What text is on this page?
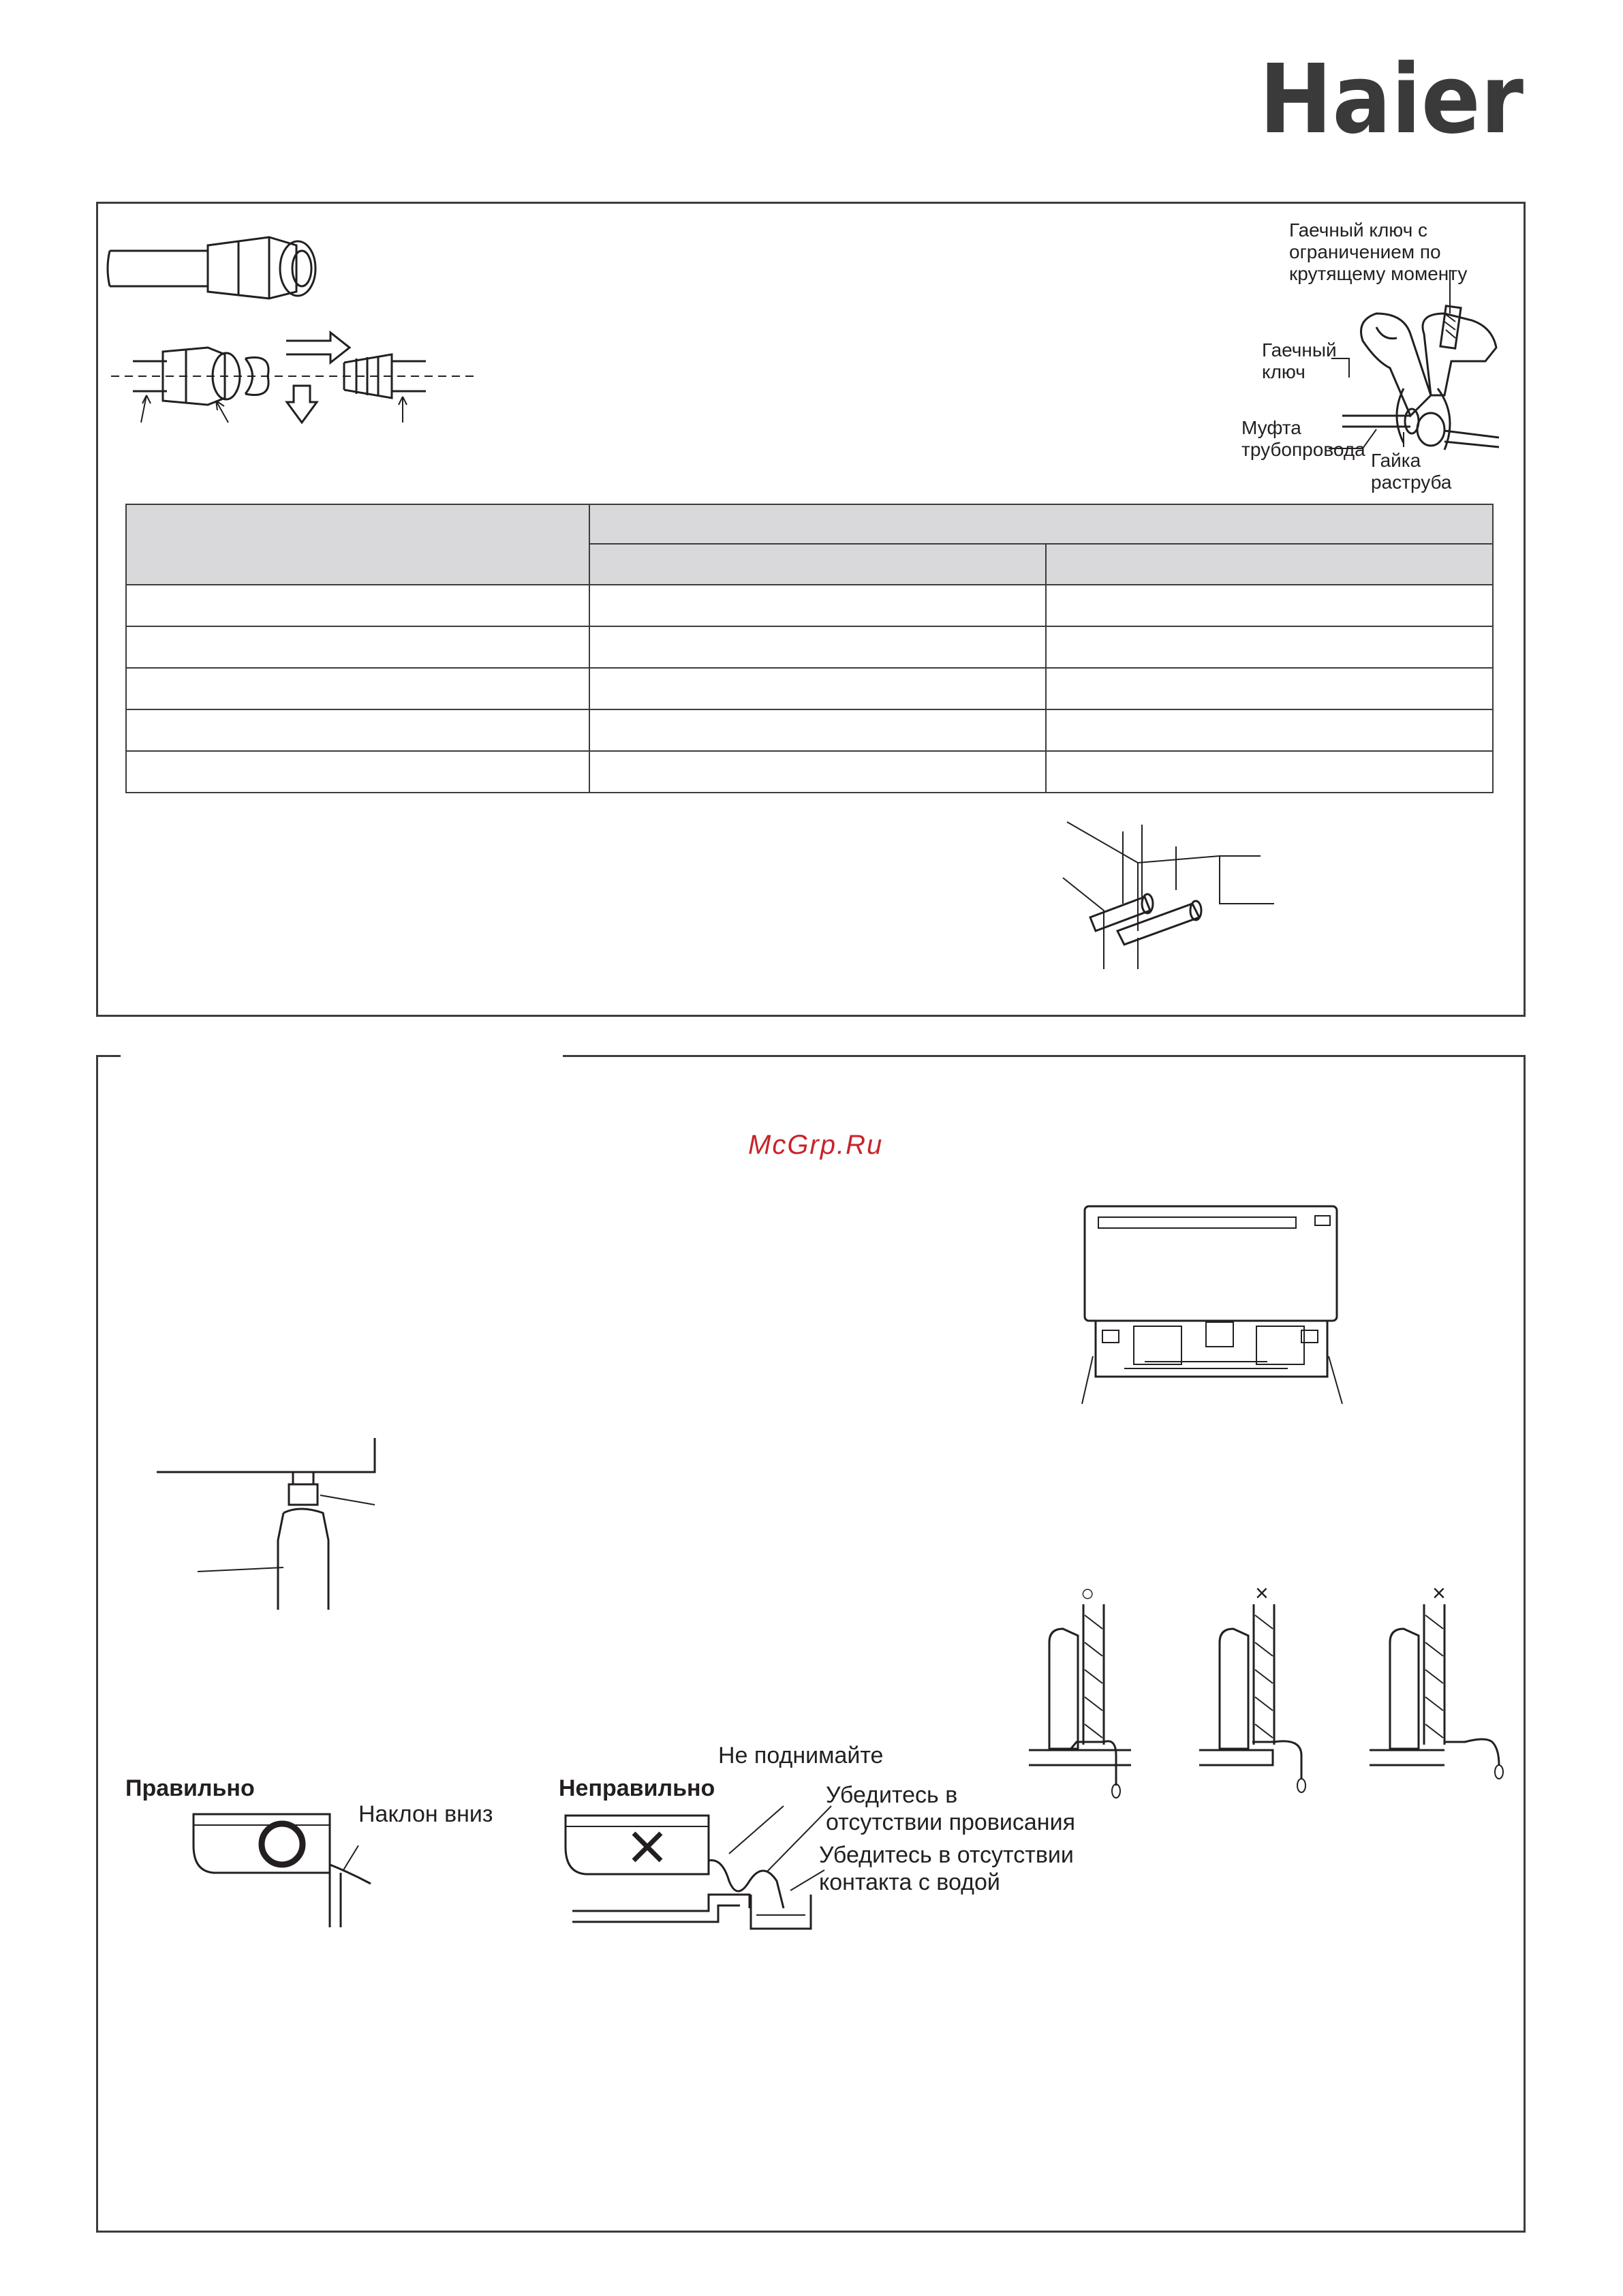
Haier
Гаечный ключ с
ограничением по
крутящему моменту
Гаечный
ключ
Муфта
трубопровода
Гайка
раструба

McGrp.Ru
○	×	×
Правильно
Наклон вниз
Неправильно
Не поднимайте
Убедитесь в
отсутствии провисания
Убедитесь в отсутствии
контакта с водой
